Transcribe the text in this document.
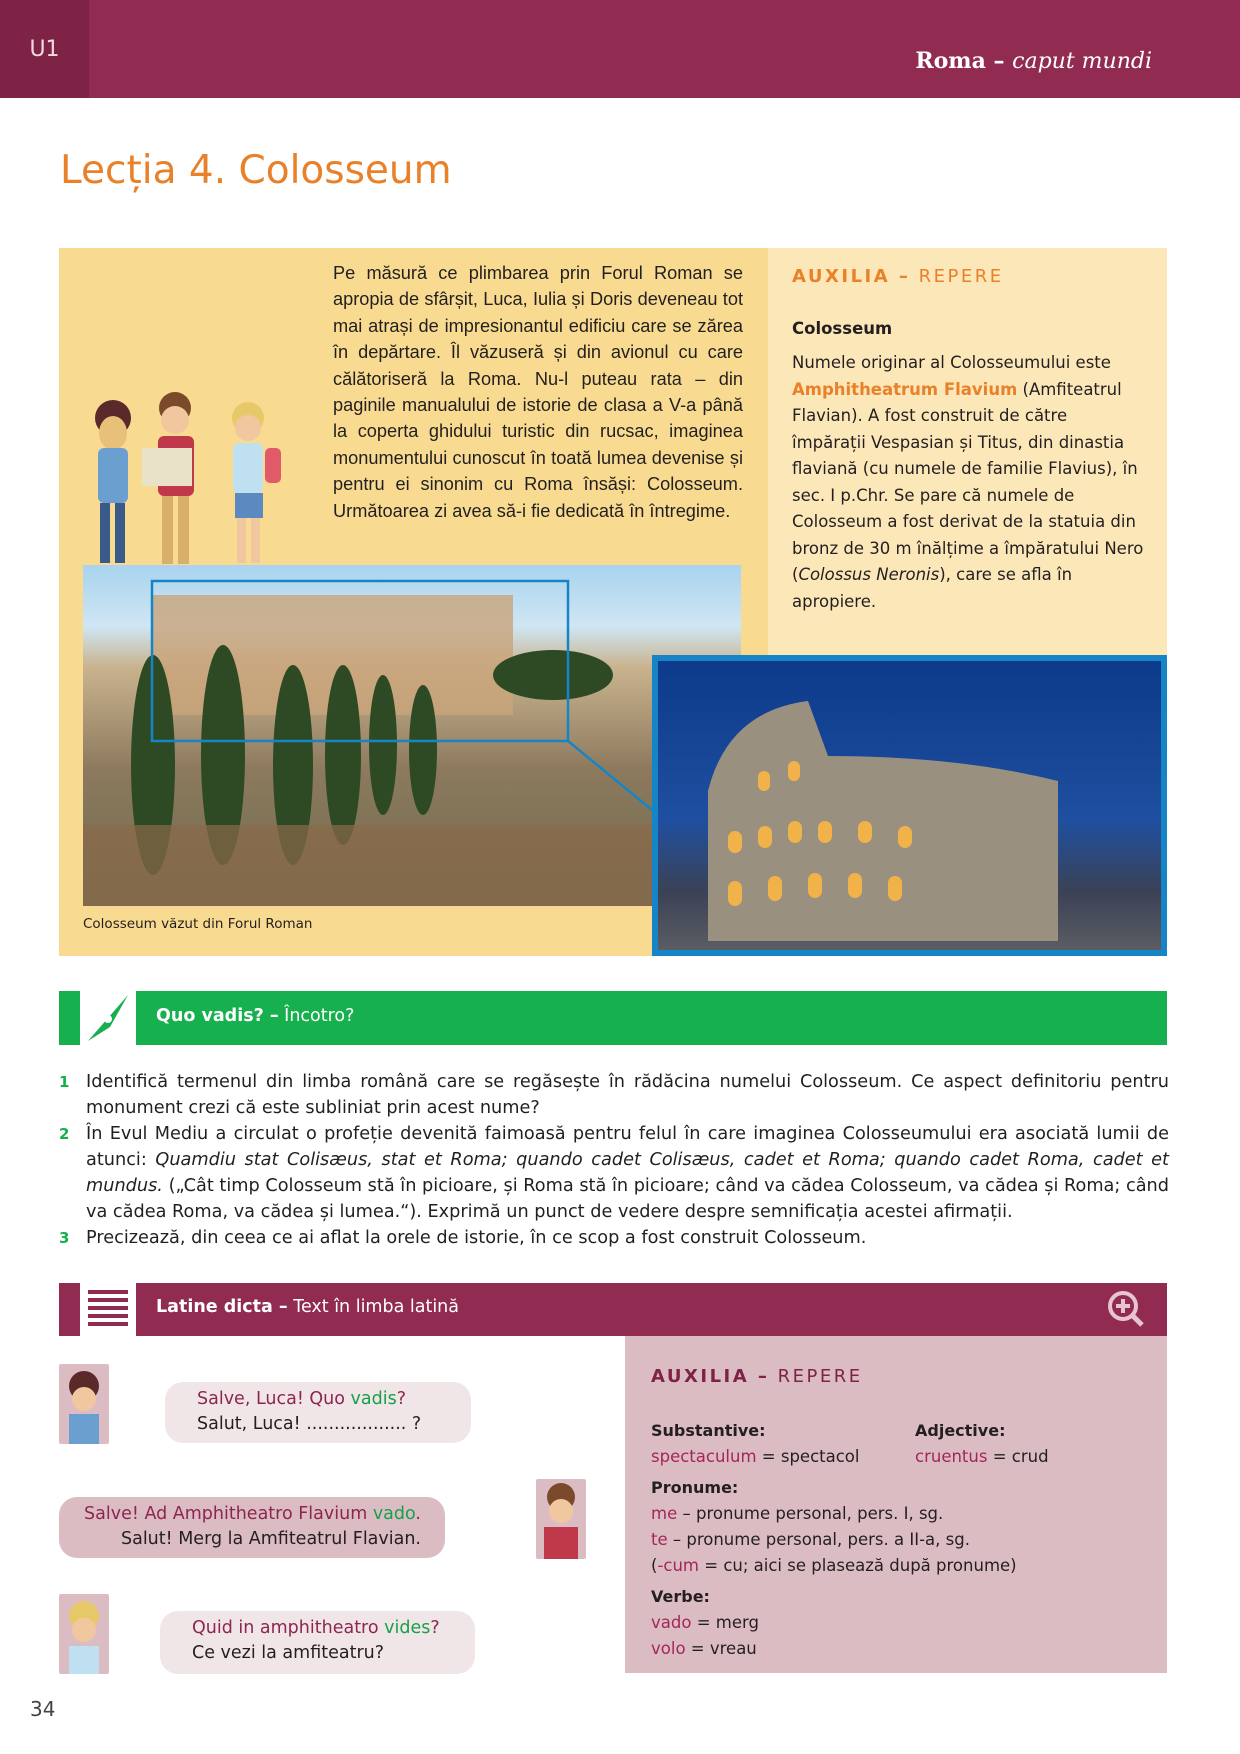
U1	Roma – caput mundi
Lecția 4. Colosseum
AUXILIA – REPERE
Colosseum

Numele originar al Colosseumului este Amphitheatrum Flavium (Amfiteatrul Flavian). A fost construit de către împărații Vespasian și Titus, din dinastia flaviană (cu numele de familie Flavius), în sec. I p.Chr. Se pare că numele de Colosseum a fost derivat de la statuia din bronz de 30 m înălțime a împăratului Nero (Colossus Neronis), care se afla în apropiere.

Pe măsură ce plimbarea prin Forul Roman se apropia de sfârșit, Luca, Iulia și Doris deveneau tot mai atrași de impresionantul edificiu care se zărea în depărtare. Îl văzuseră și din avionul cu care călătoriseră la Roma. Nu-l puteau rata – din paginile manualului de istorie de clasa a V-a până la coperta ghidului turistic din rucsac, imaginea monumentului cunoscut în toată lumea devenise și pentru ei sinonim cu Roma însăși: Colosseum. Următoarea zi avea să-i fie dedicată în întregime.
Colosseum văzut din Forul Roman
Quo vadis? – Încotro?
1 Identifică termenul din limba română care se regăsește în rădăcina numelui Colosseum. Ce aspect definitoriu pentru monument crezi că este subliniat prin acest nume?
2 În Evul Mediu a circulat o profeție devenită faimoasă pentru felul în care imaginea Colosseumului era asociată lumii de atunci: Quamdiu stat Colisæus, stat et Roma; quando cadet Colisæus, cadet et Roma; quando cadet Roma, cadet et mundus. („Cât timp Colosseum stă în picioare, și Roma stă în picioare; când va cădea Colosseum, va cădea și Roma; când va cădea Roma, va cădea și lumea.“). Exprimă un punct de vedere despre semnificația acestei afirmații.
3 Precizează, din ceea ce ai aflat la orele de istorie, în ce scop a fost construit Colosseum.
Latine dicta – Text în limba latină
Salve, Luca! Quo vadis?
Salut, Luca! .................. ?
Salve! Ad Amphitheatro Flavium vado.
Salut! Merg la Amfiteatrul Flavian.
Quid in amphitheatro vides?
Ce vezi la amfiteatru?
AUXILIA – REPERE
Substantive:
spectaculum = spectacol
Adjective:
cruentus = crud
Pronume:
me – pronume personal, pers. I, sg.
te – pronume personal, pers. a II-a, sg.
(-cum = cu; aici se plasează după pronume)
Verbe:
vado = merg
volo = vreau
34
